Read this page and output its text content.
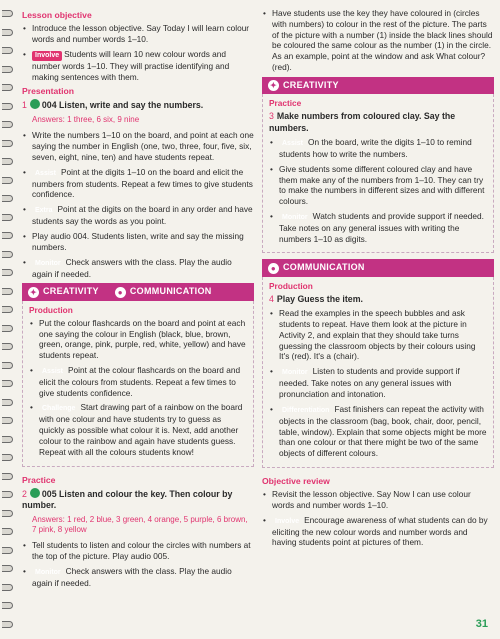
Lesson objective
• Introduce the lesson objective. Say Today I will learn colour words and number words 1–10.
• Involve Students will learn 10 new colour words and number words 1–10. They will practise identifying and making sentences with them.
Presentation
1 004 Listen, write and say the numbers.
Answers: 1 three, 6 six, 9 nine
• Write the numbers 1–10 on the board, and point at each one saying the number in English (one, two, three, four, five, six, seven, eight, nine, ten) and have students repeat.
• Assist Point at the digits 1–10 on the board and elicit the numbers from students. Repeat a few times to give students confidence.
• Extra Point at the digits on the board in any order and have students say the words as you point.
• Play audio 004. Students listen, write and say the missing numbers.
• Monitor Check answers with the class. Play the audio again if needed.
✦ CREATIVITY	● COMMUNICATION
Production
• Put the colour flashcards on the board and point at each one saying the colour in English (black, blue, brown, green, orange, pink, purple, red, white, yellow) and have students repeat.
• Assist Point at the colour flashcards on the board and elicit the colours from students. Repeat a few times to give students confidence.
• Challenge Start drawing part of a rainbow on the board with one colour and have students try to guess as quickly as possible what colour it is. Next, add another colour to the rainbow and again have students guess. Repeat with all the colours students know!
Practice
2 005 Listen and colour the key. Then colour by number.
Answers: 1 red, 2 blue, 3 green, 4 orange, 5 purple, 6 brown, 7 pink, 8 yellow
• Tell students to listen and colour the circles with numbers at the top of the picture. Play audio 005.
• Monitor Check answers with the class. Play the audio again if needed.
• Have students use the key they have coloured in (circles with numbers) to colour in the rest of the picture. The parts of the picture with a number (1) inside the black lines should be coloured the same colour as the number (1) in the circle. As an example, point at the window and ask What colour? (red).
✦ CREATIVITY
Practice
3 Make numbers from coloured clay. Say the numbers.
• Assist On the board, write the digits 1–10 to remind students how to write the numbers.
• Give students some different coloured clay and have them make any of the numbers from 1–10. They can try to make the numbers in different sizes and with different colours.
• Monitor Watch students and provide support if needed. Take notes on any general issues with writing the numbers 1–10 as digits.
● COMMUNICATION
Production
4 Play Guess the item.
• Read the examples in the speech bubbles and ask students to repeat. Have them look at the picture in Activity 2, and explain that they should take turns guessing the classroom objects by their colours using It's (red). It's a (chair).
• Monitor Listen to students and provide support if needed. Take notes on any general issues with pronunciation and intonation.
• Differentiation Fast finishers can repeat the activity with objects in the classroom (bag, book, chair, door, pencil, table, window). Explain that some objects might be more than one colour or that there might be two of the same objects of different colours.
Objective review
• Revisit the lesson objective. Say Now I can use colour words and number words 1–10.
• Involve Encourage awareness of what students can do by eliciting the new colour words and number words and having students point at pictures of them.
31
